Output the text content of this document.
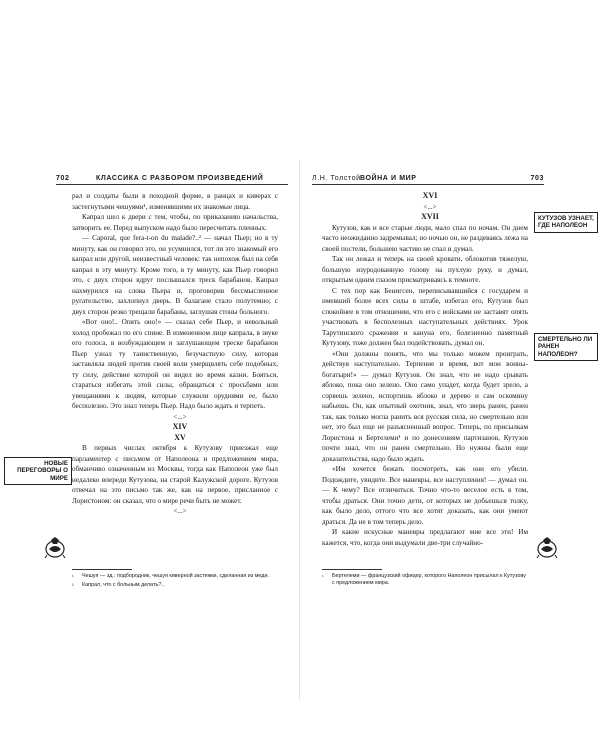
702	КЛАССИКА С РАЗБОРОМ ПРОИЗВЕДЕНИЙ

рал и солдаты были в походной форме, в ранцах и киверах с застегнутыми чешуями¹, изменявшими их знакомые лица.

Капрал шел к двери с тем, чтобы, по приказанию начальства, затворить ее. Перед выпуском надо было пересчитать пленных.

— Caporal, que fera-t-on du malade?..² — начал Пьер; но в ту минуту, как он говорил это, он усумнился, тот ли это знакомый его капрал или другой, неизвестный человек: так непохож был на себя капрал в эту минуту. Кроме того, в ту минуту, как Пьер говорил это, с двух сторон вдруг послышался треск барабанов. Капрал нахмурился на слова Пьера и, проговорив бессмысленное ругательство, захлопнул дверь. В балагане стало полутемно; с двух сторон резко трещали барабаны, заглушая стоны больного.

«Вот оно!.. Опять оно!» — сказал себе Пьер, и невольный холод пробежал по его спине. В измененном лице капрала, в звуке его голоса, в возбуждающем и заглушающем треске барабанов Пьер узнал ту таинственную, безучастную силу, которая заставляла людей против своей воли умерщвлять себе подобных, ту силу, действие которой он видел во время казни. Бояться, стараться избегать этой силы, обращаться с просьбами или увещаниями к людям, которые служили орудиями ее, было бесполезно. Это знал теперь Пьер. Надо было ждать и терпеть.

<...>

XIV

XV

В первых числах октября к Кутузову приезжал еще парламентер с письмом от Наполеона и предложением мира, обманчиво означенным из Москвы, тогда как Наполеон уже был недалеко впереди Кутузова, на старой Калужской дороге. Кутузов отвечал на это письмо так же, как на первое, присланное с Лористоном: он сказал, что о мире речи быть не может.

<...>

НОВЫЕ ПЕРЕГОВОРЫ О МИРЕ
¹	Чешуя — зд.: подбородник, чешуя киверной застежки, сделанная из меди.
²	Капрал, что с больным делать?..
Л.Н. Толстой ВОЙНА И МИР	703

XVI

<...>

XVII

Кутузов, как и все старые люди, мало спал по ночам. Он днем часто неожиданно задремывал; но ночью он, не раздеваясь лежа на своей постели, большею частию не спал и думал.

Так он лежал и теперь на своей кровати, облокотив тяжелую, большую изуродованную голову на пухлую руку, и думал, открытым одним глазом присматриваясь к темноте.

С тех пор как Бенигсен, переписывавшийся с государем и имевший более всех силы в штабе, избегал его, Кутузов был спокойнее в том отношении, что его с войсками не заставят опять участвовать в бесполезных наступательных действиях. Урок Тарутинского сражения и кануна его, болезненно памятный Кутузову, тоже должен был подействовать, думал он.

«Они должны понять, что мы только можем проиграть, действуя наступательно. Терпение и время, вот мои воины-богатыри!» — думал Кутузов. Он знал, что не надо срывать яблоко, пока оно зелено. Оно само упадет, когда будет зрело, а сорвешь зелено, испортишь яблоко и дерево и сам оскомину набьешь. Он, как опытный охотник, знал, что зверь ранен, ранен так, как только могла ранить вся русская сила, но смертельно или нет, это был еще не разъясненный вопрос. Теперь, по присылкам Лористона и Бертелеми¹ и по донесениям партизанов, Кутузов почти знал, что он ранен смертельно. Но нужны были еще доказательства, надо было ждать.

«Им хочется бежать посмотреть, как они его убили. Подождите, увидите. Все маневры, все наступления! — думал он. — К чему? Все отличиться. Точно что-то веселое есть в том, чтобы драться. Они точно дети, от которых не добьешься толку, как было дело, оттого что все хотят доказать, как они умеют драться. Да не в том теперь дело.

И какие искусные маневры предлагают мне все эти! Им кажется, что, когда они выдумали две-три случайно-

КУТУЗОВ УЗНАЕТ, ГДЕ НАПОЛЕОН
СМЕРТЕЛЬНО ЛИ РАНЕН НАПОЛЕОН?
¹	Бертелеми — французский офицер, которого Наполеон присылал к Кутузову с предложением мира.
